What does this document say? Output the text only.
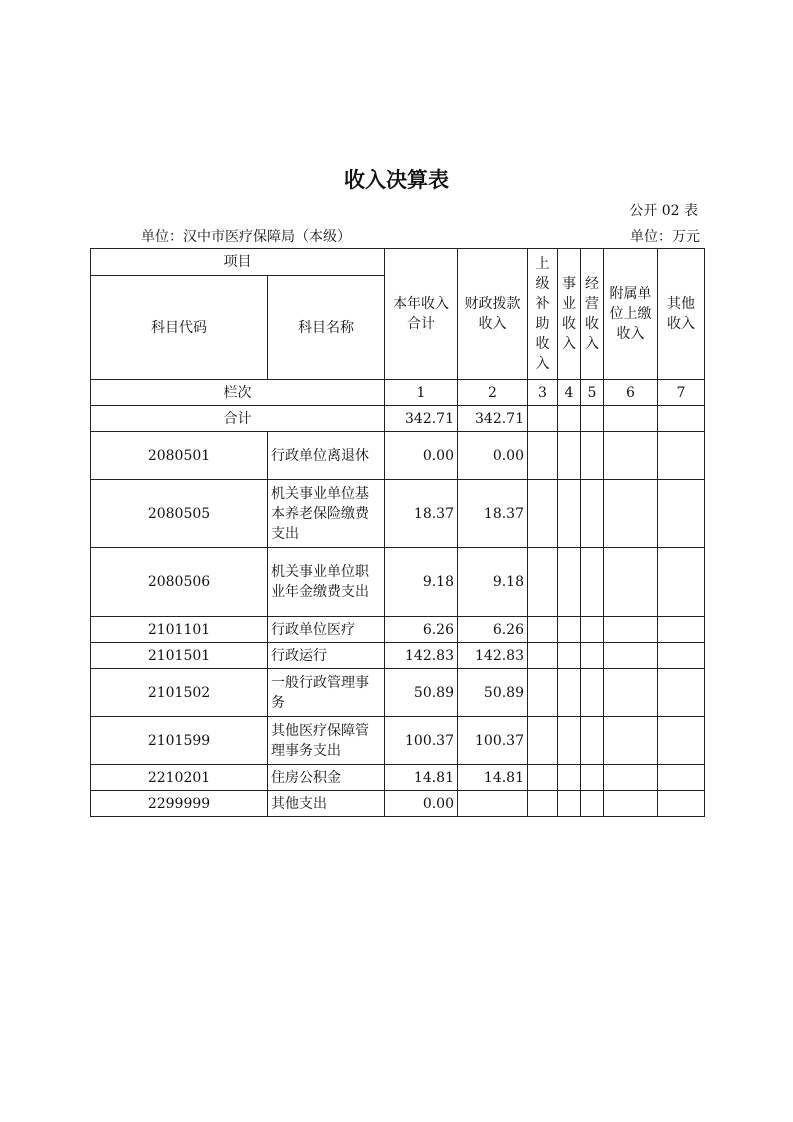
收入决算表
公开 02 表
单位：汉中市医疗保障局（本级）	单位：万元
项目		本年收入合计	财政拨款收入	上级补助收入	事业收入	经营收入	附属单位上缴收入	其他收入
科目代码	科目名称							
栏次		1	2	3	4	5	6	7
合计		342.71	342.71					
2080501	行政单位离退休	0.00	0.00					
2080505	机关事业单位基本养老保险缴费支出	18.37	18.37					
2080506	机关事业单位职业年金缴费支出	9.18	9.18					
2101101	行政单位医疗	6.26	6.26					
2101501	行政运行	142.83	142.83					
2101502	一般行政管理事务	50.89	50.89					
2101599	其他医疗保障管理事务支出	100.37	100.37					
2210201	住房公积金	14.81	14.81					
2299999	其他支出	0.00						
